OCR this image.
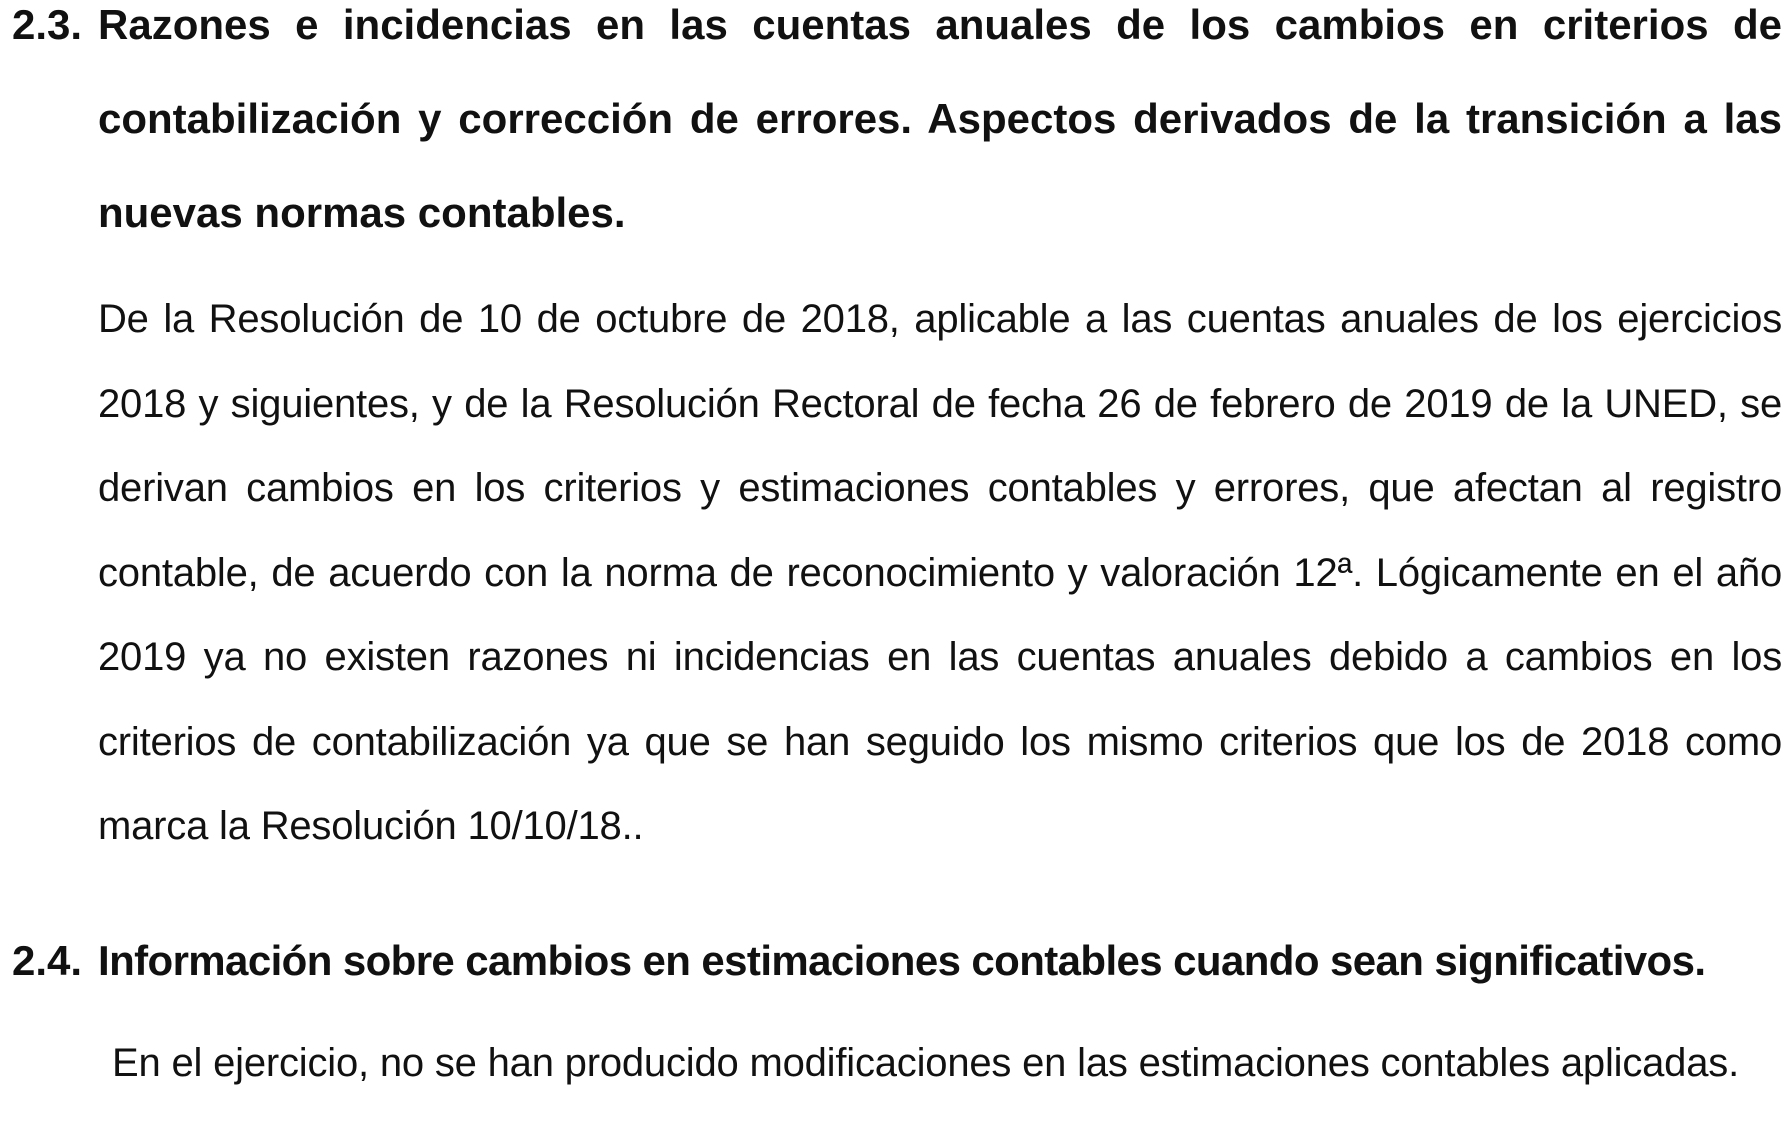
2.3. Razones e incidencias en las cuentas anuales de los cambios en criterios de contabilización y corrección de errores. Aspectos derivados de la transición a las nuevas normas contables.

De la Resolución de 10 de octubre de 2018, aplicable a las cuentas anuales de los ejercicios 2018 y siguientes, y de la Resolución Rectoral de fecha 26 de febrero de 2019 de la UNED, se derivan cambios en los criterios y estimaciones contables y errores, que afectan al registro contable, de acuerdo con la norma de reconocimiento y valoración 12ª. Lógicamente en el año 2019 ya no existen razones ni incidencias en las cuentas anuales debido a cambios en los criterios de contabilización ya que se han seguido los mismo criterios que los de 2018 como marca la Resolución 10/10/18..

2.4. Información sobre cambios en estimaciones contables cuando sean significativos.

En el ejercicio, no se han producido modificaciones en las estimaciones contables aplicadas.
